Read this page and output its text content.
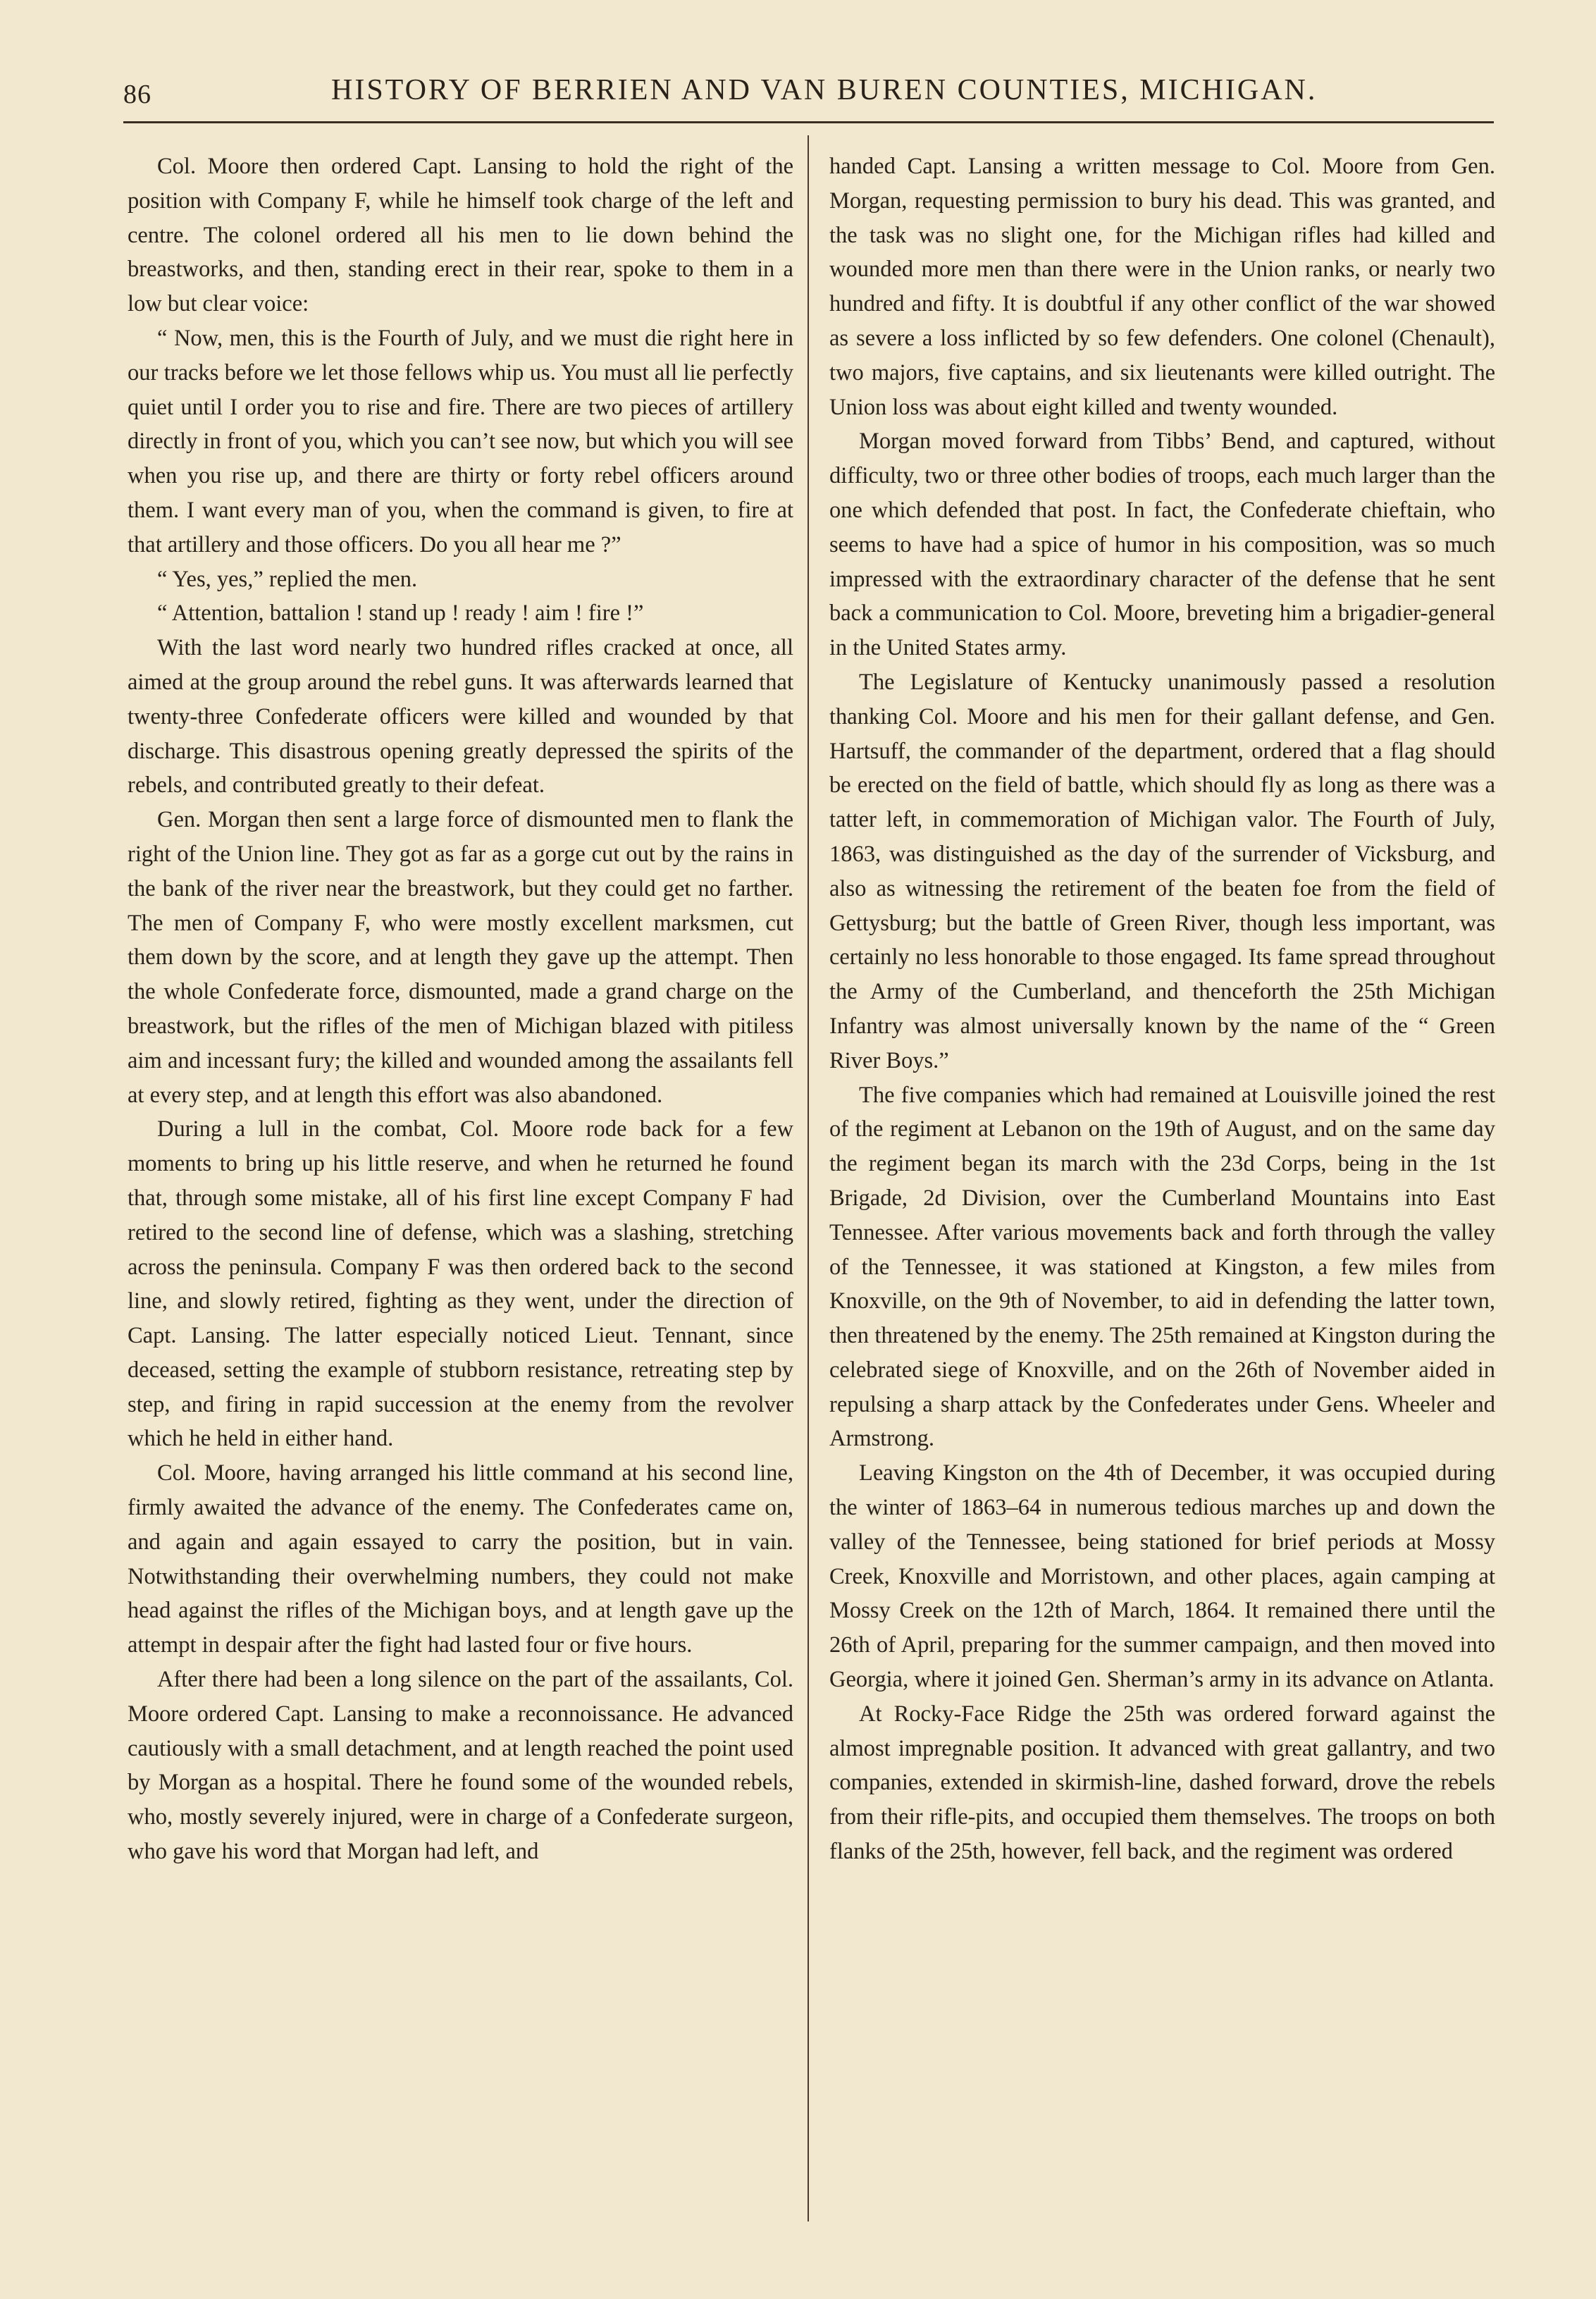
86	HISTORY OF BERRIEN AND VAN BUREN COUNTIES, MICHIGAN.

Col. Moore then ordered Capt. Lansing to hold the right of the position with Company F, while he himself took charge of the left and centre. The colonel ordered all his men to lie down behind the breastworks, and then, standing erect in their rear, spoke to them in a low but clear voice:

“ Now, men, this is the Fourth of July, and we must die right here in our tracks before we let those fellows whip us. You must all lie perfectly quiet until I order you to rise and fire. There are two pieces of artillery directly in front of you, which you can’t see now, but which you will see when you rise up, and there are thirty or forty rebel officers around them. I want every man of you, when the command is given, to fire at that artillery and those officers. Do you all hear me ?”

“ Yes, yes,” replied the men.

“ Attention, battalion ! stand up ! ready ! aim ! fire !”

With the last word nearly two hundred rifles cracked at once, all aimed at the group around the rebel guns. It was afterwards learned that twenty-three Confederate officers were killed and wounded by that discharge. This disastrous opening greatly depressed the spirits of the rebels, and contributed greatly to their defeat.

Gen. Morgan then sent a large force of dismounted men to flank the right of the Union line. They got as far as a gorge cut out by the rains in the bank of the river near the breastwork, but they could get no farther. The men of Company F, who were mostly excellent marksmen, cut them down by the score, and at length they gave up the attempt. Then the whole Confederate force, dismounted, made a grand charge on the breastwork, but the rifles of the men of Michigan blazed with pitiless aim and incessant fury; the killed and wounded among the assailants fell at every step, and at length this effort was also abandoned.

During a lull in the combat, Col. Moore rode back for a few moments to bring up his little reserve, and when he returned he found that, through some mistake, all of his first line except Company F had retired to the second line of defense, which was a slashing, stretching across the peninsula. Company F was then ordered back to the second line, and slowly retired, fighting as they went, under the direction of Capt. Lansing. The latter especially noticed Lieut. Tennant, since deceased, setting the example of stubborn resistance, retreating step by step, and firing in rapid succession at the enemy from the revolver which he held in either hand.

Col. Moore, having arranged his little command at his second line, firmly awaited the advance of the enemy. The Confederates came on, and again and again essayed to carry the position, but in vain. Notwithstanding their overwhelming numbers, they could not make head against the rifles of the Michigan boys, and at length gave up the attempt in despair after the fight had lasted four or five hours.

After there had been a long silence on the part of the assailants, Col. Moore ordered Capt. Lansing to make a reconnoissance. He advanced cautiously with a small detachment, and at length reached the point used by Morgan as a hospital. There he found some of the wounded rebels, who, mostly severely injured, were in charge of a Confederate surgeon, who gave his word that Morgan had left, and

handed Capt. Lansing a written message to Col. Moore from Gen. Morgan, requesting permission to bury his dead. This was granted, and the task was no slight one, for the Michigan rifles had killed and wounded more men than there were in the Union ranks, or nearly two hundred and fifty. It is doubtful if any other conflict of the war showed as severe a loss inflicted by so few defenders. One colonel (Chenault), two majors, five captains, and six lieutenants were killed outright. The Union loss was about eight killed and twenty wounded.

Morgan moved forward from Tibbs’ Bend, and captured, without difficulty, two or three other bodies of troops, each much larger than the one which defended that post. In fact, the Confederate chieftain, who seems to have had a spice of humor in his composition, was so much impressed with the extraordinary character of the defense that he sent back a communication to Col. Moore, breveting him a brigadier-general in the United States army.

The Legislature of Kentucky unanimously passed a resolution thanking Col. Moore and his men for their gallant defense, and Gen. Hartsuff, the commander of the department, ordered that a flag should be erected on the field of battle, which should fly as long as there was a tatter left, in commemoration of Michigan valor. The Fourth of July, 1863, was distinguished as the day of the surrender of Vicksburg, and also as witnessing the retirement of the beaten foe from the field of Gettysburg; but the battle of Green River, though less important, was certainly no less honorable to those engaged. Its fame spread throughout the Army of the Cumberland, and thenceforth the 25th Michigan Infantry was almost universally known by the name of the “ Green River Boys.”

The five companies which had remained at Louisville joined the rest of the regiment at Lebanon on the 19th of August, and on the same day the regiment began its march with the 23d Corps, being in the 1st Brigade, 2d Division, over the Cumberland Mountains into East Tennessee. After various movements back and forth through the valley of the Tennessee, it was stationed at Kingston, a few miles from Knoxville, on the 9th of November, to aid in defending the latter town, then threatened by the enemy. The 25th remained at Kingston during the celebrated siege of Knoxville, and on the 26th of November aided in repulsing a sharp attack by the Confederates under Gens. Wheeler and Armstrong.

Leaving Kingston on the 4th of December, it was occupied during the winter of 1863–64 in numerous tedious marches up and down the valley of the Tennessee, being stationed for brief periods at Mossy Creek, Knoxville and Morristown, and other places, again camping at Mossy Creek on the 12th of March, 1864. It remained there until the 26th of April, preparing for the summer campaign, and then moved into Georgia, where it joined Gen. Sherman’s army in its advance on Atlanta.

At Rocky-Face Ridge the 25th was ordered forward against the almost impregnable position. It advanced with great gallantry, and two companies, extended in skirmish-line, dashed forward, drove the rebels from their rifle-pits, and occupied them themselves. The troops on both flanks of the 25th, however, fell back, and the regiment was ordered
